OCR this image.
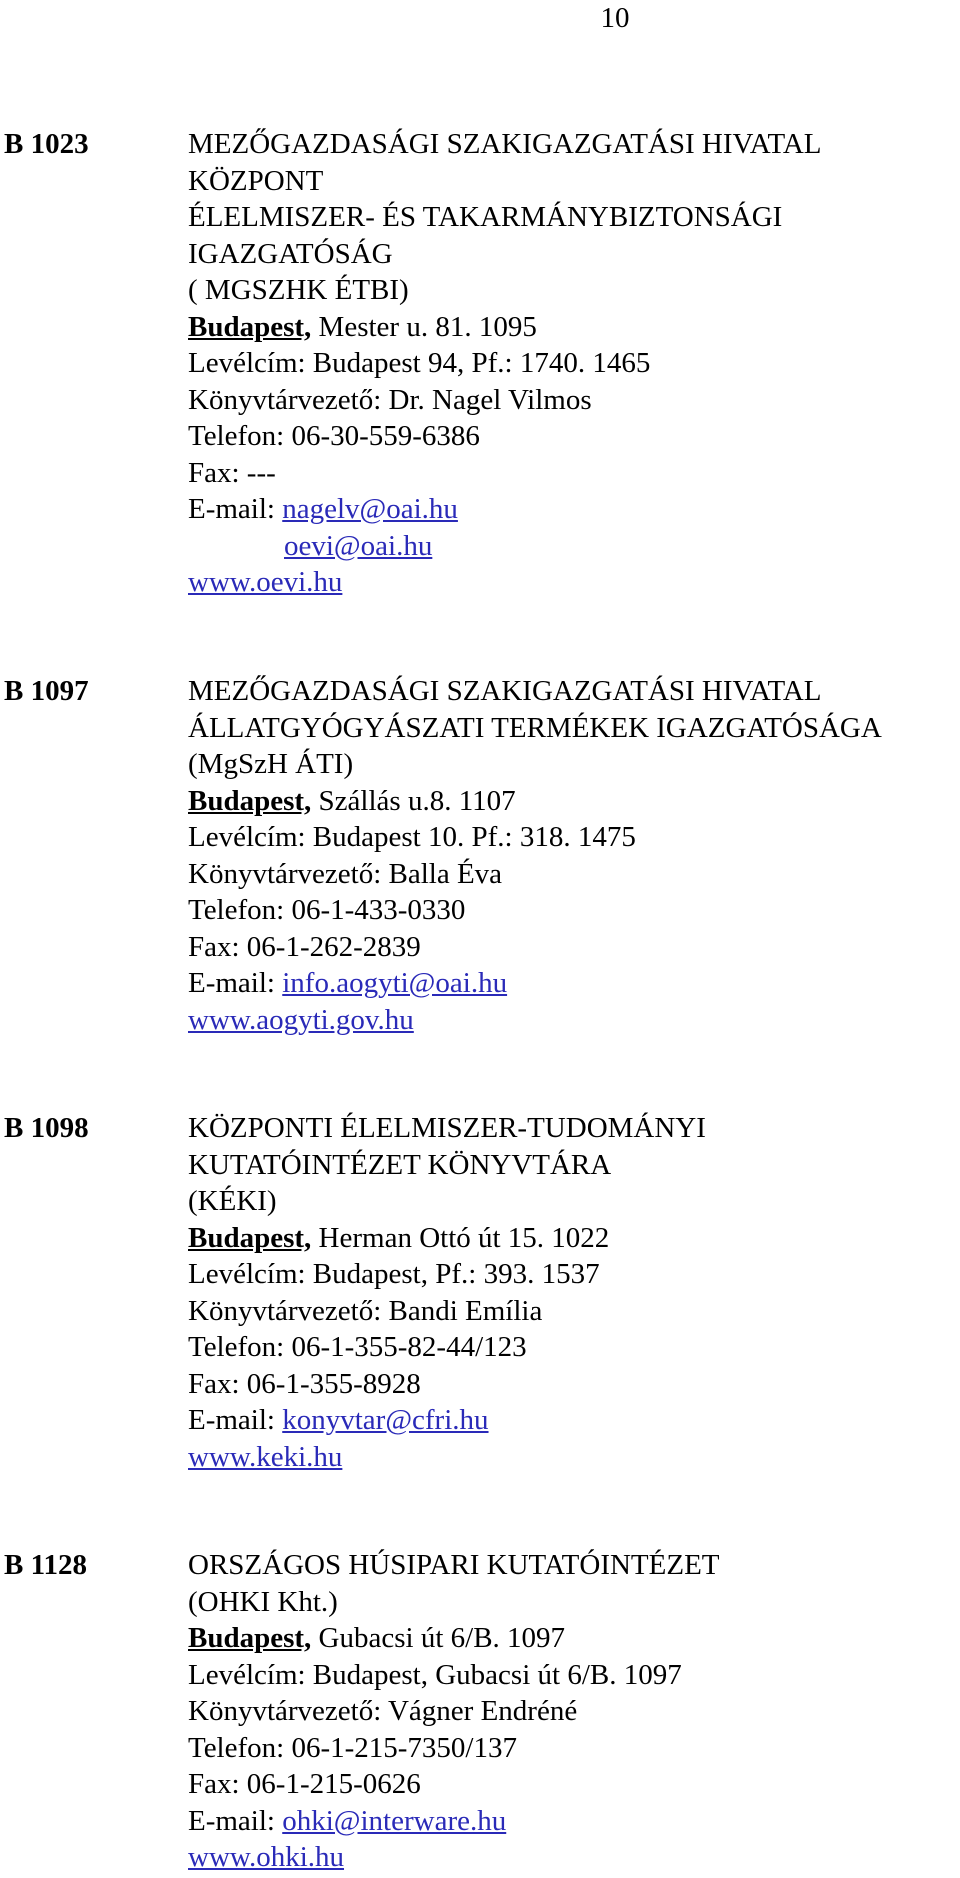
10
B 1023	MEZŐGAZDASÁGI SZAKIGAZGATÁSI HIVATAL
KÖZPONT
ÉLELMISZER- ÉS TAKARMÁNYBIZTONSÁGI
IGAZGATÓSÁG
( MGSZHK ÉTBI)
Budapest, Mester u. 81. 1095
Levélcím: Budapest 94, Pf.: 1740. 1465
Könyvtárvezető: Dr. Nagel Vilmos
Telefon: 06-30-559-6386
Fax: ---
E-mail: nagelv@oai.hu
oevi@oai.hu
www.oevi.hu
B 1097	MEZŐGAZDASÁGI SZAKIGAZGATÁSI HIVATAL
ÁLLATGYÓGYÁSZATI TERMÉKEK IGAZGATÓSÁGA
(MgSzH ÁTI)
Budapest, Szállás u.8. 1107
Levélcím: Budapest 10. Pf.: 318. 1475
Könyvtárvezető: Balla Éva
Telefon: 06-1-433-0330
Fax: 06-1-262-2839
E-mail: info.aogyti@oai.hu
www.aogyti.gov.hu
B 1098	KÖZPONTI ÉLELMISZER-TUDOMÁNYI
KUTATÓINTÉZET KÖNYVTÁRA
(KÉKI)
Budapest, Herman Ottó út 15. 1022
Levélcím: Budapest, Pf.: 393. 1537
Könyvtárvezető: Bandi Emília
Telefon: 06-1-355-82-44/123
Fax: 06-1-355-8928
E-mail: konyvtar@cfri.hu
www.keki.hu
B 1128	ORSZÁGOS HÚSIPARI KUTATÓINTÉZET
(OHKI Kht.)
Budapest, Gubacsi út 6/B. 1097
Levélcím: Budapest, Gubacsi út 6/B. 1097
Könyvtárvezető: Vágner Endréné
Telefon: 06-1-215-7350/137
Fax: 06-1-215-0626
E-mail: ohki@interware.hu
www.ohki.hu
